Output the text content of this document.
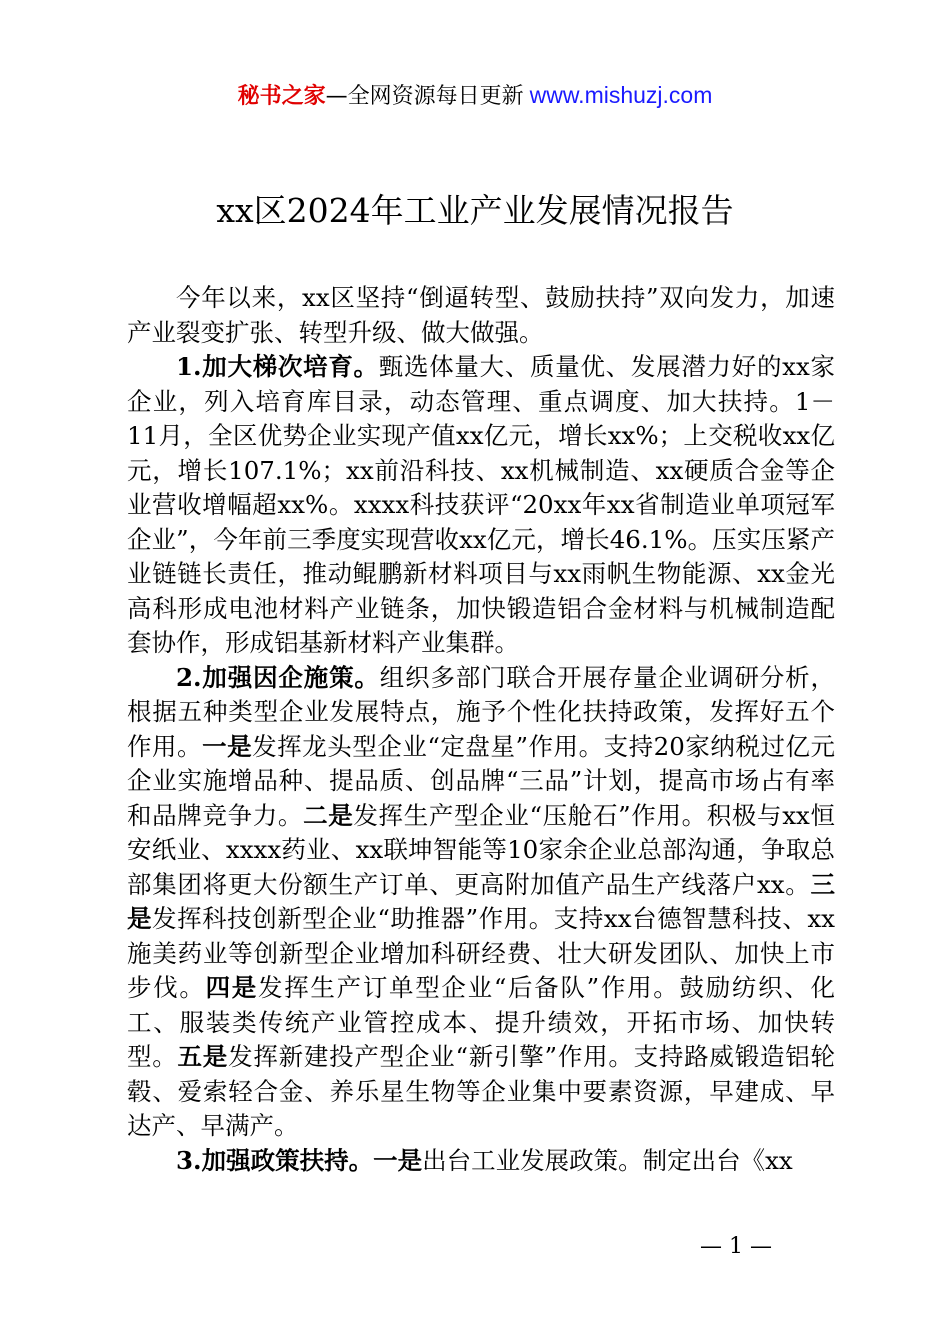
秘书之家—全网资源每日更新 www.mishuzj.com
xx区2024年工业产业发展情况报告

今年以来，xx区坚持“倒逼转型、鼓励扶持”双向发力，加速产业裂变扩张、转型升级、做大做强。

1.加大梯次培育。甄选体量大、质量优、发展潜力好的xx家企业，列入培育库目录，动态管理、重点调度、加大扶持。1－11月，全区优势企业实现产值xx亿元，增长xx%；上交税收xx亿元，增长107.1%；xx前沿科技、xx机械制造、xx硬质合金等企业营收增幅超xx%。xxxx科技获评“20xx年xx省制造业单项冠军企业”，今年前三季度实现营收xx亿元，增长46.1%。压实压紧产业链链长责任，推动鲲鹏新材料项目与xx雨帆生物能源、xx金光高科形成电池材料产业链条，加快锻造铝合金材料与机械制造配套协作，形成铝基新材料产业集群。

2.加强因企施策。组织多部门联合开展存量企业调研分析，根据五种类型企业发展特点，施予个性化扶持政策，发挥好五个作用。一是发挥龙头型企业“定盘星”作用。支持20家纳税过亿元企业实施增品种、提品质、创品牌“三品”计划，提高市场占有率和品牌竞争力。二是发挥生产型企业“压舱石”作用。积极与xx恒安纸业、xxxx药业、xx联坤智能等10家余企业总部沟通，争取总部集团将更大份额生产订单、更高附加值产品生产线落户xx。三是发挥科技创新型企业“助推器”作用。支持xx台德智慧科技、xx施美药业等创新型企业增加科研经费、壮大研发团队、加快上市步伐。四是发挥生产订单型企业“后备队”作用。鼓励纺织、化工、服装类传统产业管控成本、提升绩效，开拓市场、加快转型。五是发挥新建投产型企业“新引擎”作用。支持路威锻造铝轮毂、爱索轻合金、养乐星生物等企业集中要素资源，早建成、早达产、早满产。

3.加强政策扶持。一是出台工业发展政策。制定出台《xx

— 1 —
